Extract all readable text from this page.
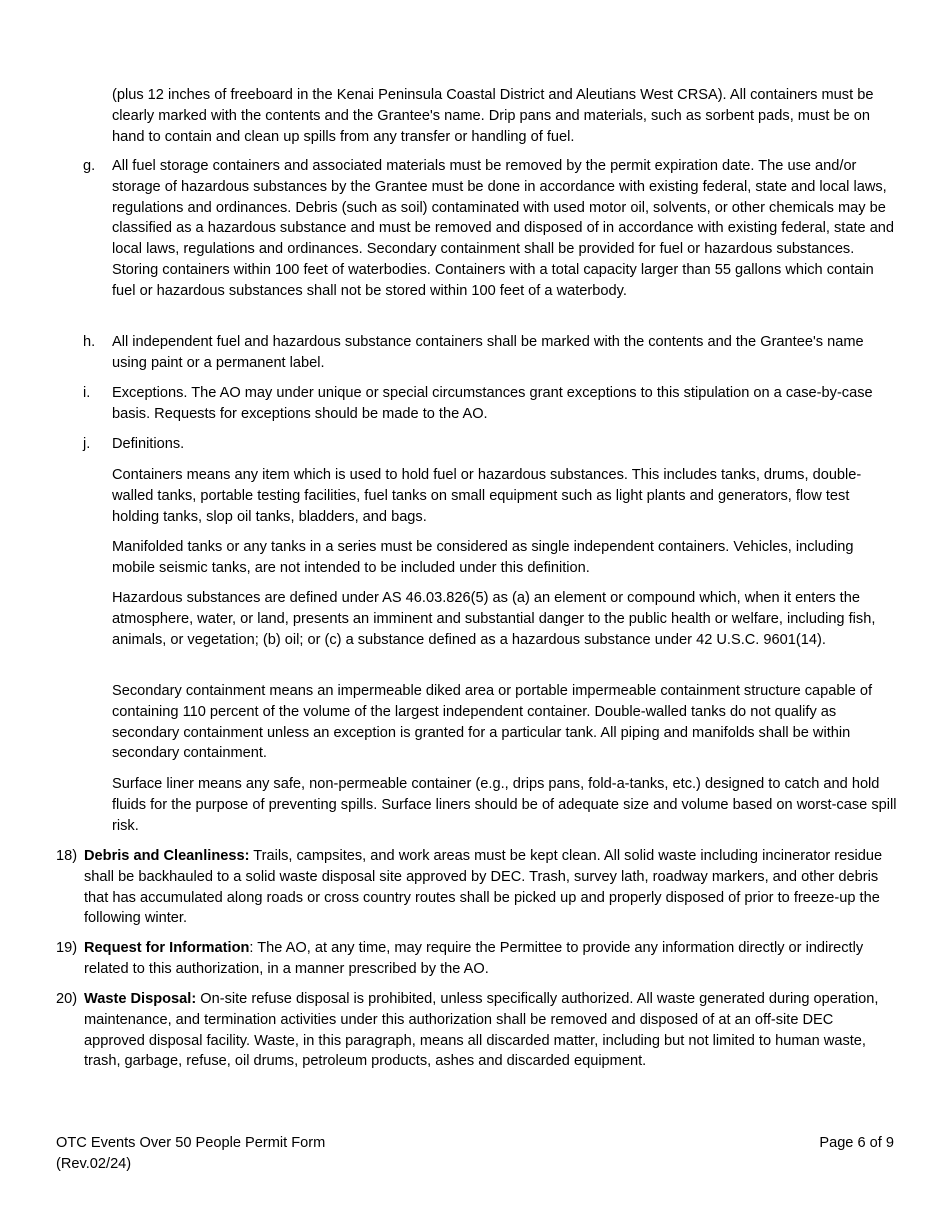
(plus 12 inches of freeboard in the Kenai Peninsula Coastal District and Aleutians West CRSA). All containers must be clearly marked with the contents and the Grantee's name. Drip pans and materials, such as sorbent pads, must be on hand to contain and clean up spills from any transfer or handling of fuel.

g. All fuel storage containers and associated materials must be removed by the permit expiration date. The use and/or storage of hazardous substances by the Grantee must be done in accordance with existing federal, state and local laws, regulations and ordinances. Debris (such as soil) contaminated with used motor oil, solvents, or other chemicals may be classified as a hazardous substance and must be removed and disposed of in accordance with existing federal, state and local laws, regulations and ordinances. Secondary containment shall be provided for fuel or hazardous substances. Storing containers within 100 feet of waterbodies. Containers with a total capacity larger than 55 gallons which contain fuel or hazardous substances shall not be stored within 100 feet of a waterbody.

h. All independent fuel and hazardous substance containers shall be marked with the contents and the Grantee's name using paint or a permanent label.

i. Exceptions. The AO may under unique or special circumstances grant exceptions to this stipulation on a case-by-case basis. Requests for exceptions should be made to the AO.

j. Definitions.

Containers means any item which is used to hold fuel or hazardous substances. This includes tanks, drums, double-walled tanks, portable testing facilities, fuel tanks on small equipment such as light plants and generators, flow test holding tanks, slop oil tanks, bladders, and bags.

Manifolded tanks or any tanks in a series must be considered as single independent containers. Vehicles, including mobile seismic tanks, are not intended to be included under this definition.

Hazardous substances are defined under AS 46.03.826(5) as (a) an element or compound which, when it enters the atmosphere, water, or land, presents an imminent and substantial danger to the public health or welfare, including fish, animals, or vegetation; (b) oil; or (c) a substance defined as a hazardous substance under 42 U.S.C. 9601(14).

Secondary containment means an impermeable diked area or portable impermeable containment structure capable of containing 110 percent of the volume of the largest independent container. Double-walled tanks do not qualify as secondary containment unless an exception is granted for a particular tank. All piping and manifolds shall be within secondary containment.

Surface liner means any safe, non-permeable container (e.g., drips pans, fold-a-tanks, etc.) designed to catch and hold fluids for the purpose of preventing spills. Surface liners should be of adequate size and volume based on worst-case spill risk.

18) Debris and Cleanliness: Trails, campsites, and work areas must be kept clean. All solid waste including incinerator residue shall be backhauled to a solid waste disposal site approved by DEC. Trash, survey lath, roadway markers, and other debris that has accumulated along roads or cross country routes shall be picked up and properly disposed of prior to freeze-up the following winter.

19) Request for Information: The AO, at any time, may require the Permittee to provide any information directly or indirectly related to this authorization, in a manner prescribed by the AO.

20) Waste Disposal: On-site refuse disposal is prohibited, unless specifically authorized. All waste generated during operation, maintenance, and termination activities under this authorization shall be removed and disposed of at an off-site DEC approved disposal facility. Waste, in this paragraph, means all discarded matter, including but not limited to human waste, trash, garbage, refuse, oil drums, petroleum products, ashes and discarded equipment.

OTC Events Over 50 People Permit Form
(Rev.02/24)
Page 6 of 9
